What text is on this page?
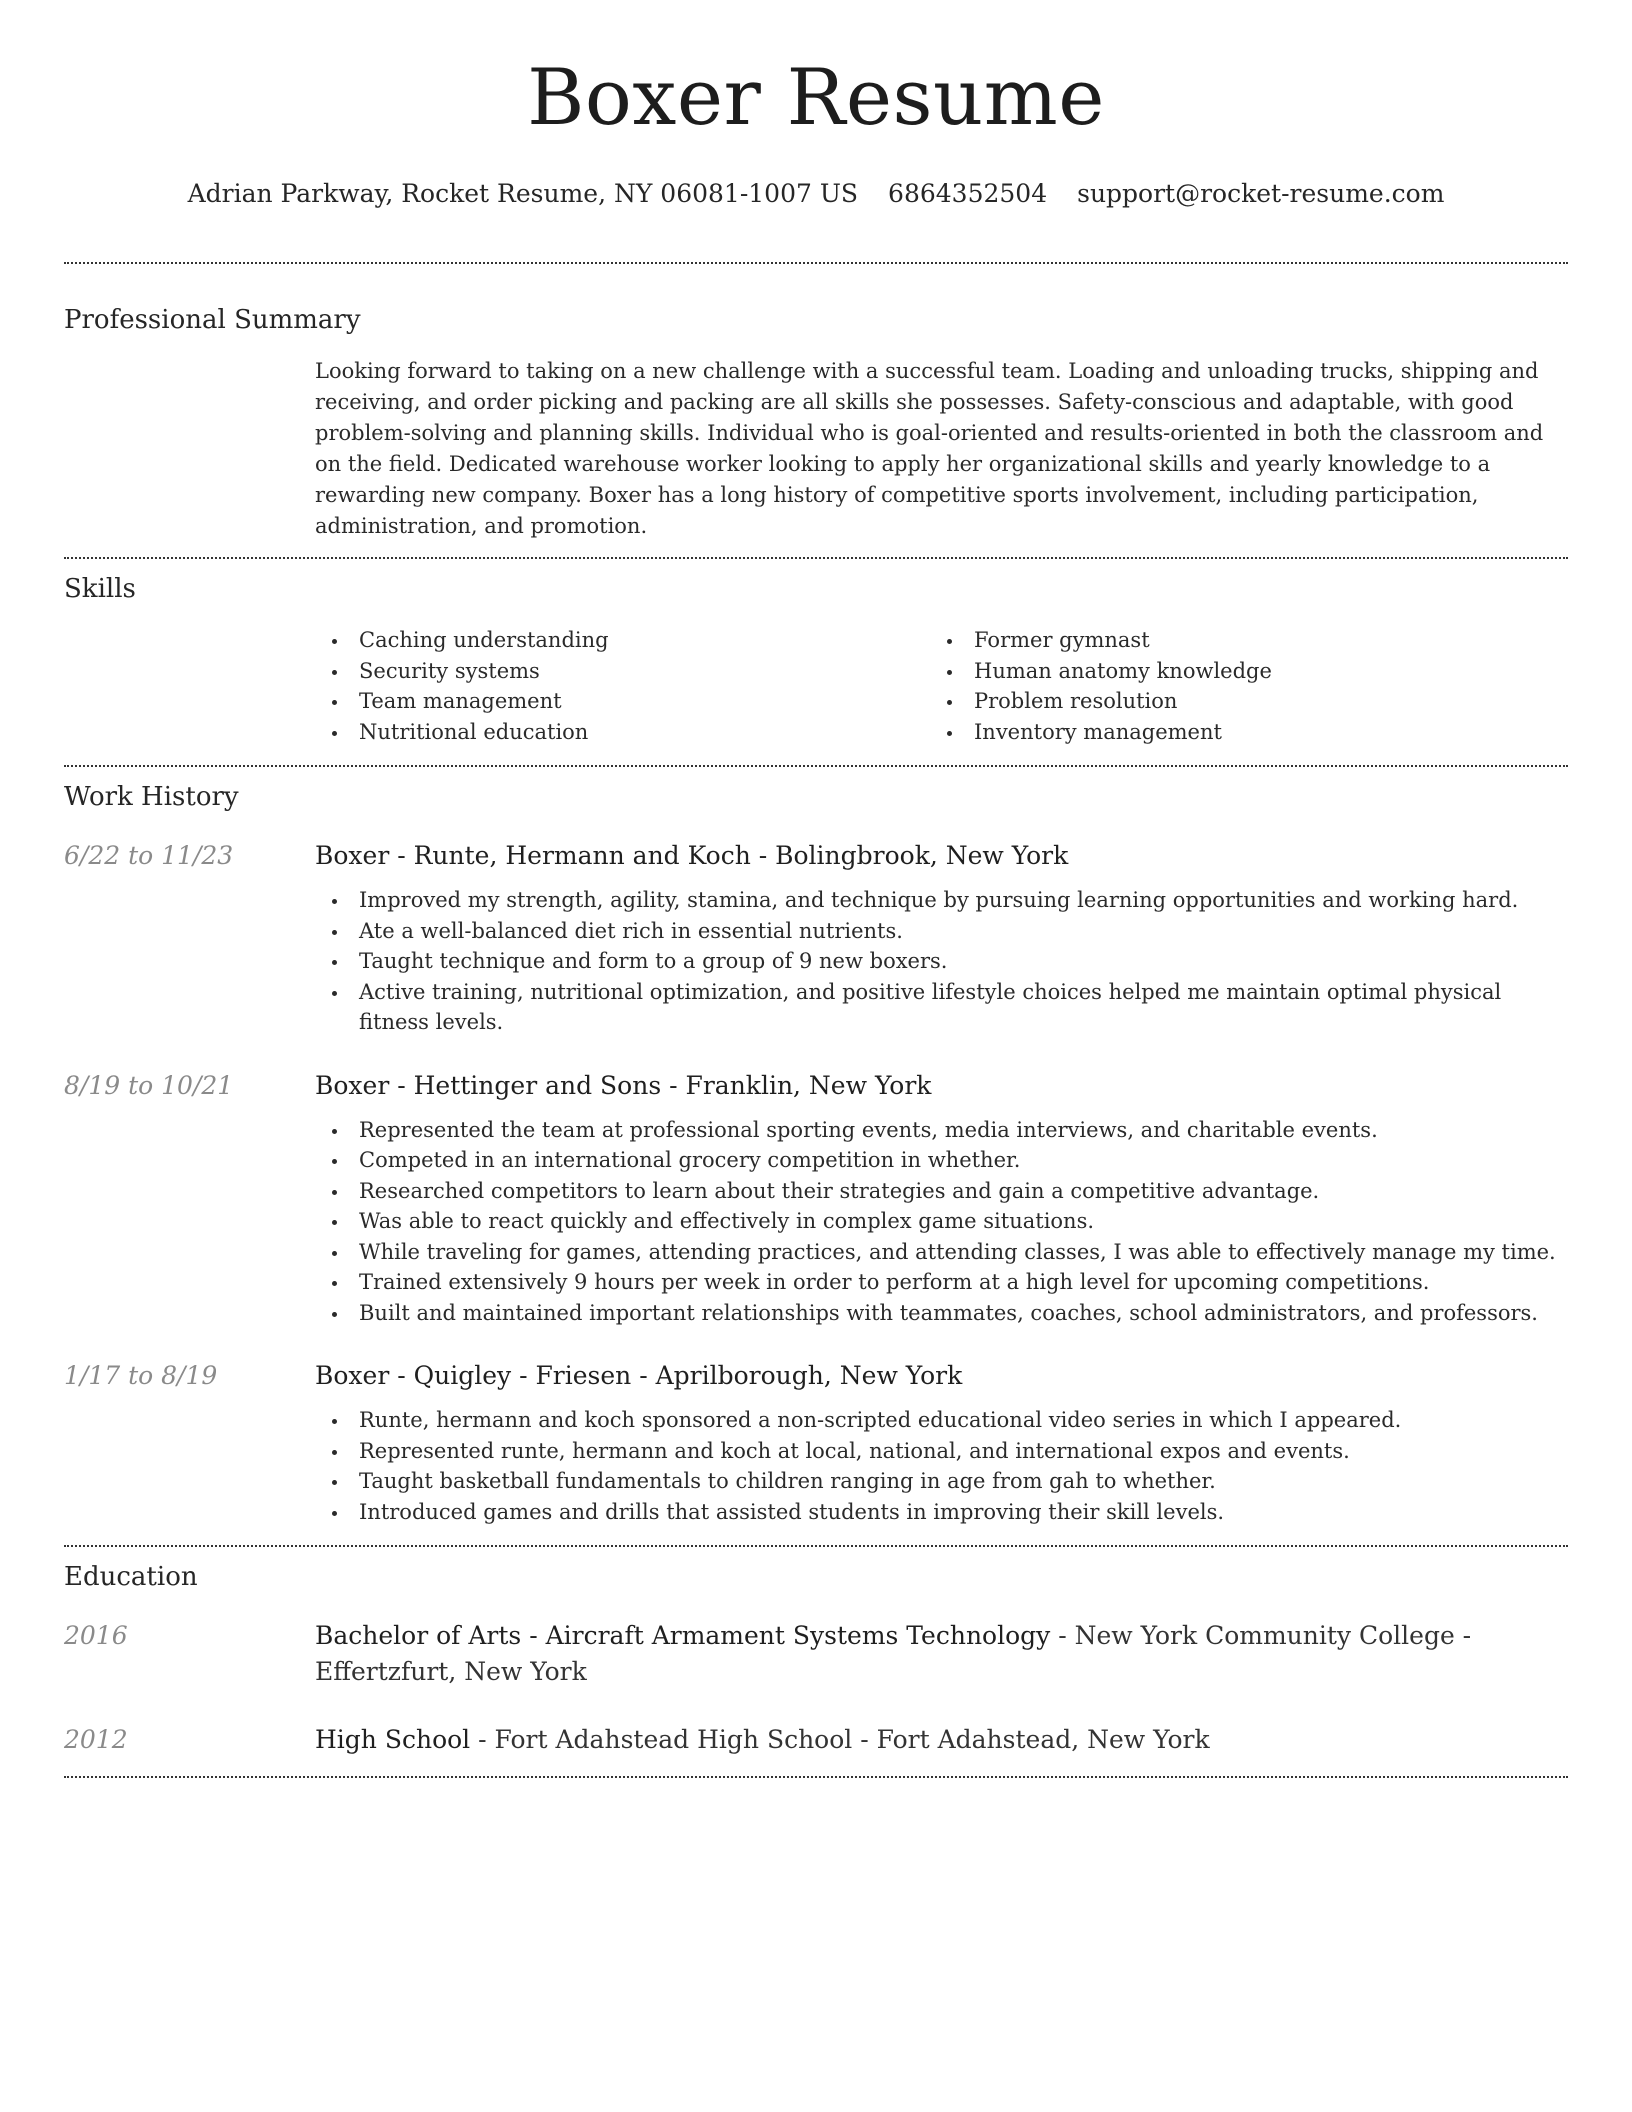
Boxer Resume
Adrian Parkway, Rocket Resume, NY 06081-1007 US 6864352504 support@rocket-resume.com
Professional Summary

Looking forward to taking on a new challenge with a successful team. Loading and unloading trucks, shipping and receiving, and order picking and packing are all skills she possesses. Safety-conscious and adaptable, with good problem-solving and planning skills. Individual who is goal-oriented and results-oriented in both the classroom and on the field. Dedicated warehouse worker looking to apply her organizational skills and yearly knowledge to a rewarding new company. Boxer has a long history of competitive sports involvement, including participation, administration, and promotion.

Skills
Caching understanding
Security systems
Team management
Nutritional education
Former gymnast
Human anatomy knowledge
Problem resolution
Inventory management
Work History
6/22 to 11/23	Boxer - Runte, Hermann and Koch - Bolingbrook, New York
Improved my strength, agility, stamina, and technique by pursuing learning opportunities and working hard.
Ate a well-balanced diet rich in essential nutrients.
Taught technique and form to a group of 9 new boxers.
Active training, nutritional optimization, and positive lifestyle choices helped me maintain optimal physical fitness levels.
8/19 to 10/21	Boxer - Hettinger and Sons - Franklin, New York
Represented the team at professional sporting events, media interviews, and charitable events.
Competed in an international grocery competition in whether.
Researched competitors to learn about their strategies and gain a competitive advantage.
Was able to react quickly and effectively in complex game situations.
While traveling for games, attending practices, and attending classes, I was able to effectively manage my time.
Trained extensively 9 hours per week in order to perform at a high level for upcoming competitions.
Built and maintained important relationships with teammates, coaches, school administrators, and professors.
1/17 to 8/19	Boxer - Quigley - Friesen - Aprilborough, New York
Runte, hermann and koch sponsored a non-scripted educational video series in which I appeared.
Represented runte, hermann and koch at local, national, and international expos and events.
Taught basketball fundamentals to children ranging in age from gah to whether.
Introduced games and drills that assisted students in improving their skill levels.
Education
2016	Bachelor of Arts - Aircraft Armament Systems Technology - New York Community College - Effertzfurt, New York
2012	High School - Fort Adahstead High School - Fort Adahstead, New York
